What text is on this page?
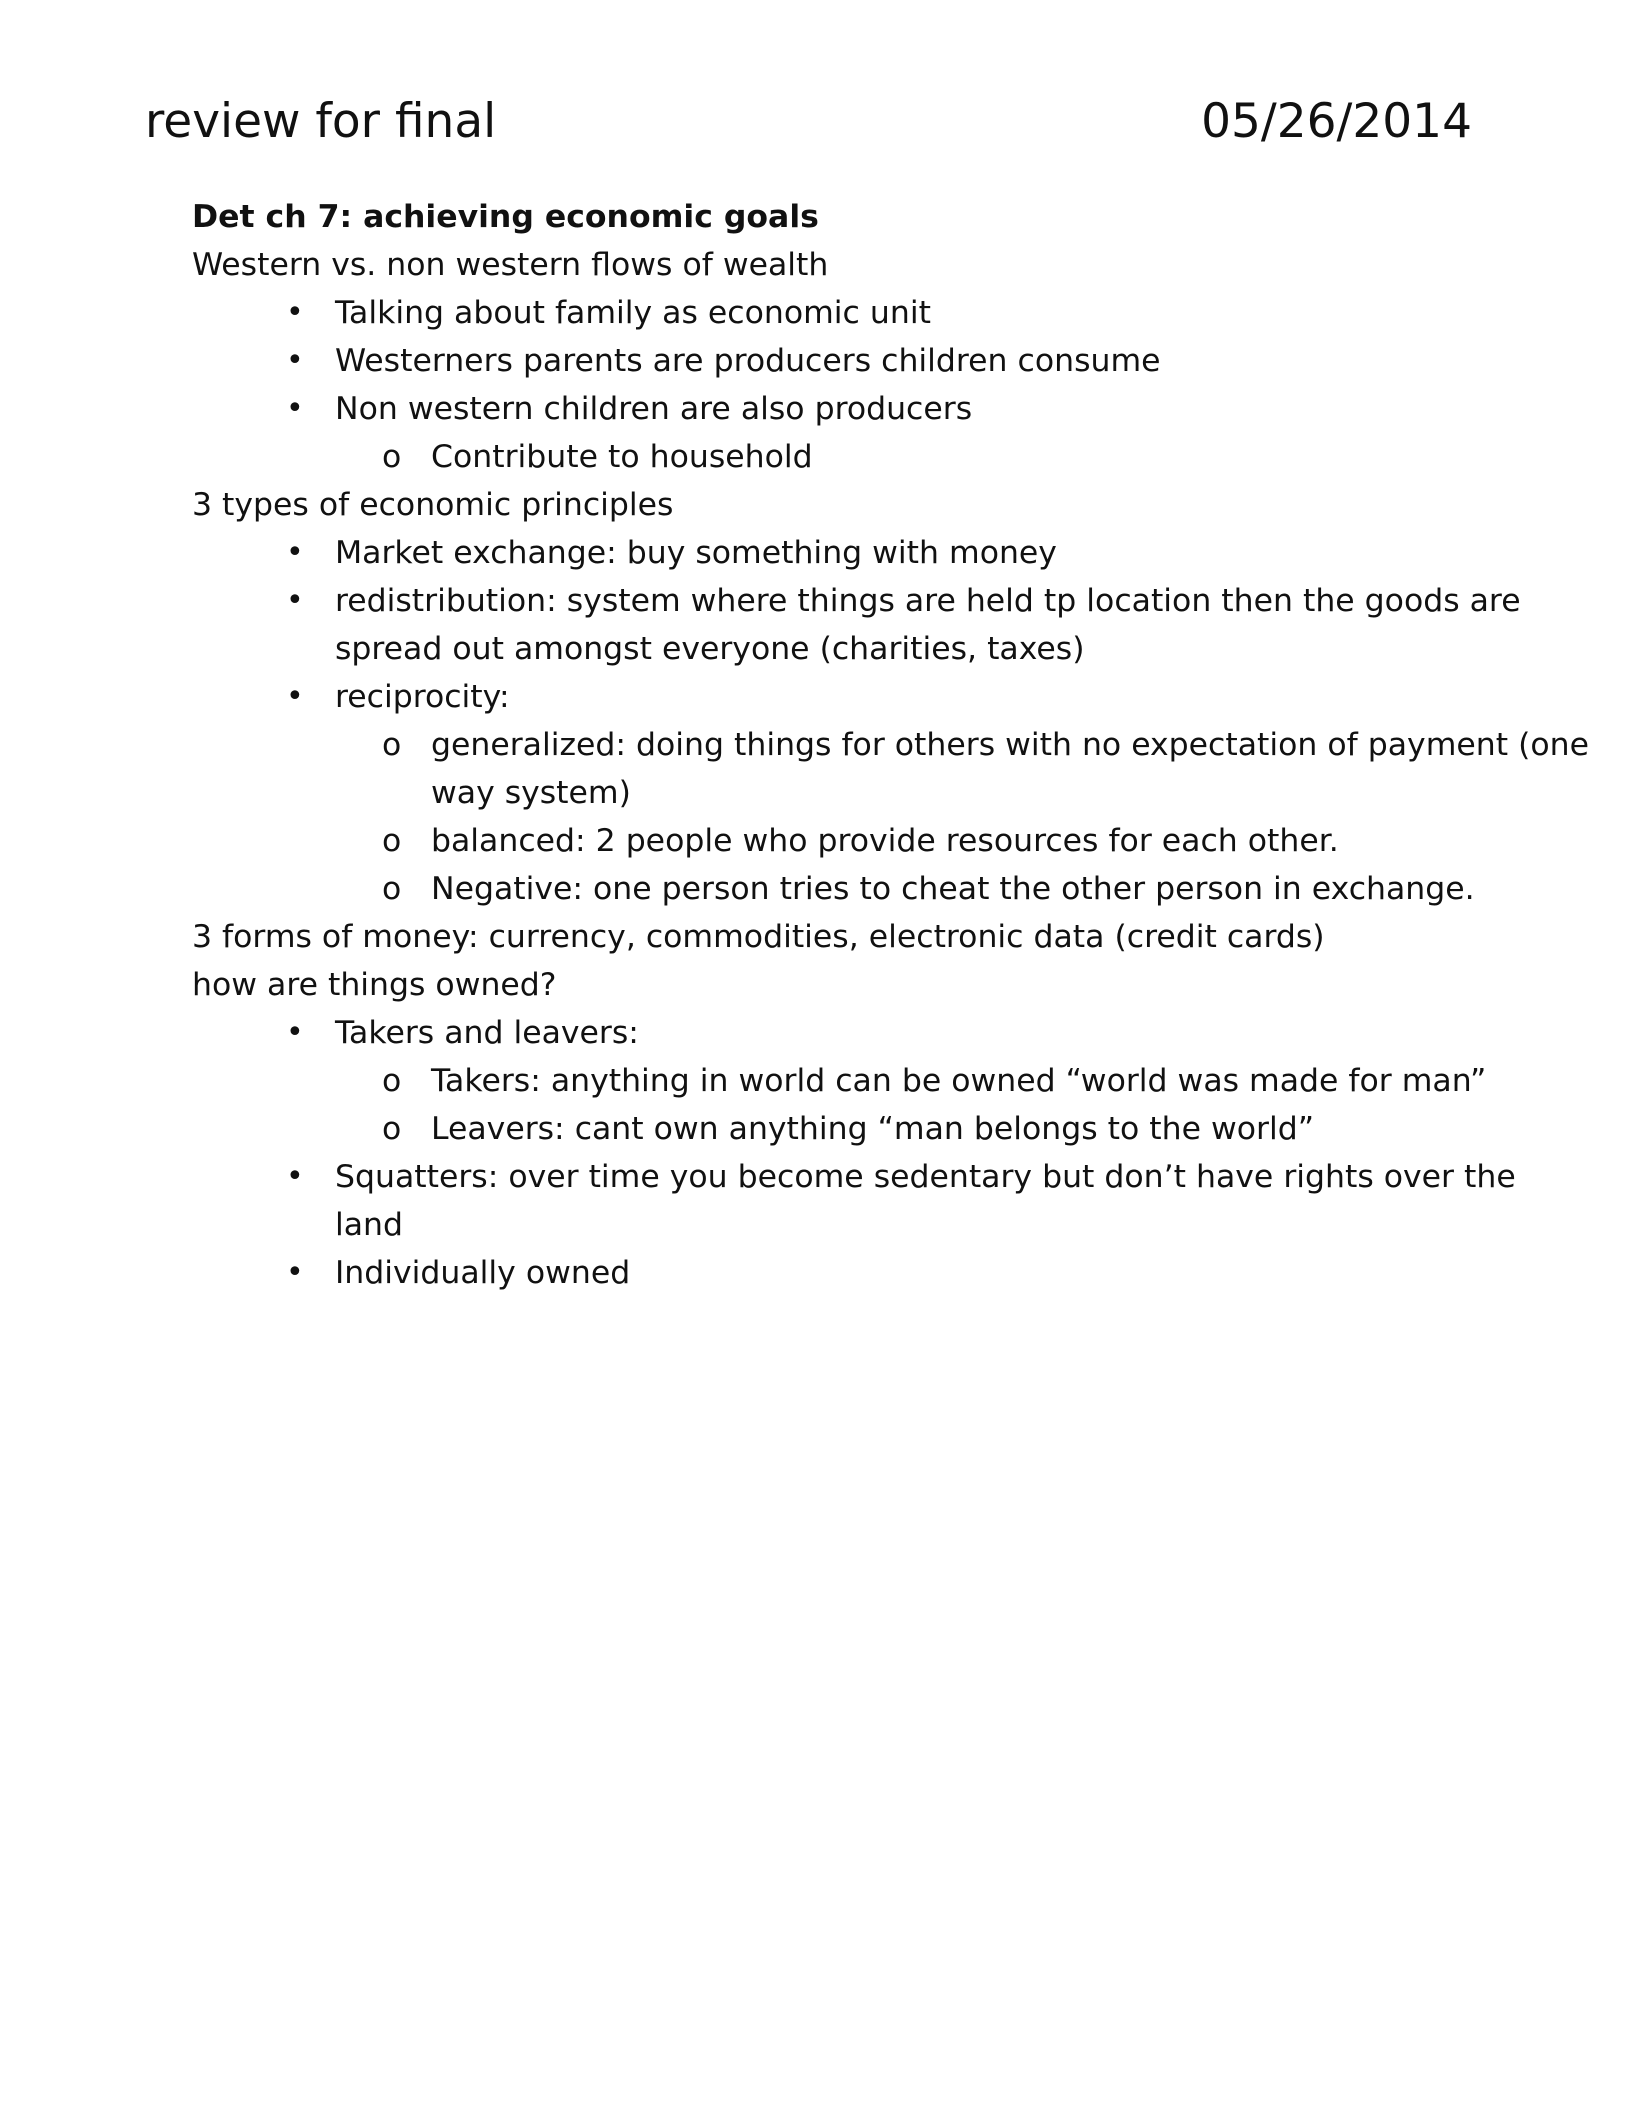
review for final	05/26/2014

Det ch 7: achieving economic goals

Western vs. non western flows of wealth

• Talking about family as economic unit
• Westerners parents are producers children consume
• Non western children are also producers
o Contribute to household

3 types of economic principles

• Market exchange: buy something with money
• redistribution: system where things are held tp location then the goods are spread out amongst everyone (charities, taxes)
• reciprocity:
o generalized: doing things for others with no expectation of payment (one way system)
o balanced: 2 people who provide resources for each other.
o Negative: one person tries to cheat the other person in exchange.

3 forms of money: currency, commodities, electronic data (credit cards)

how are things owned?

• Takers and leavers:
o Takers: anything in world can be owned “world was made for man”
o Leavers: cant own anything “man belongs to the world”
• Squatters: over time you become sedentary but don’t have rights over the land
• Individually owned
